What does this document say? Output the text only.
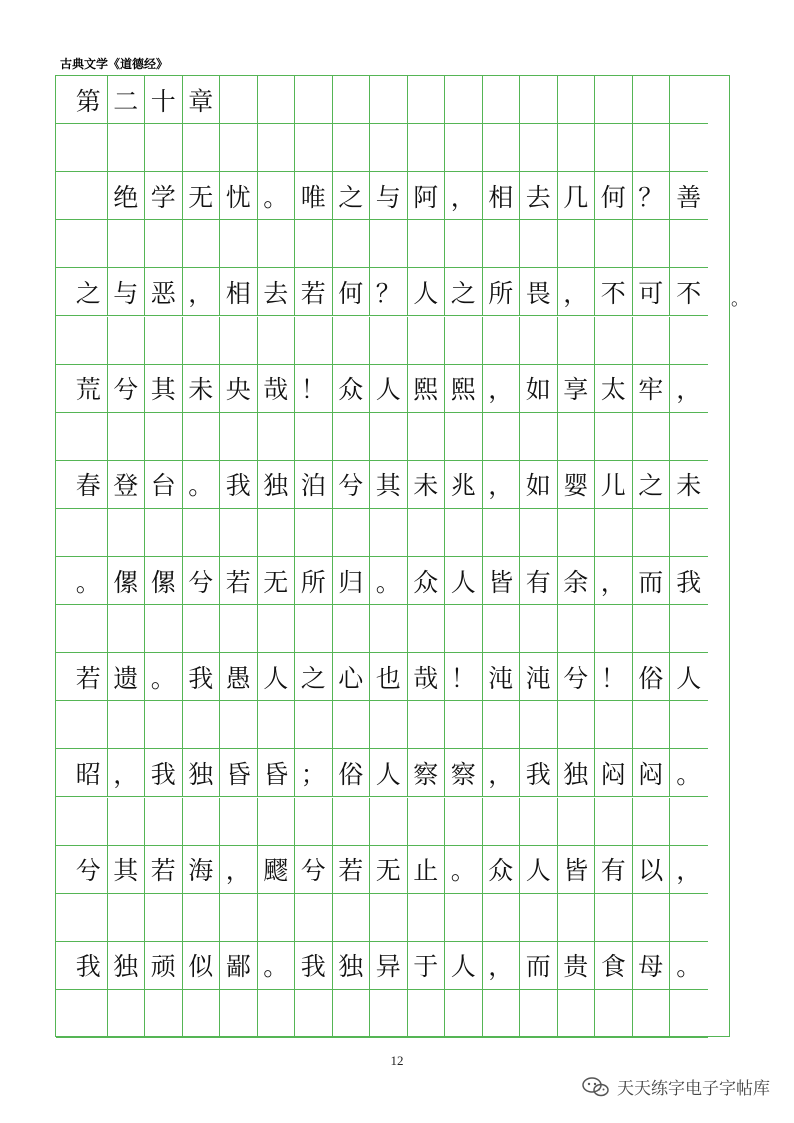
古典文学《道德经》
第 二 十 章
绝 学 无 忧 。 唯 之 与 阿 ， 相 去 几 何 ？ 善
之 与 恶 ， 相 去 若 何 ？ 人 之 所 畏 ， 不 可 不
荒 兮 其 未 央 哉 ！ 众 人 熙 熙 ， 如 享 太 牢 ，
春 登 台 。 我 独 泊 兮 其 未 兆 ， 如 婴 儿 之 未
。 傫 傫 兮 若 无 所 归 。 众 人 皆 有 余 ， 而 我
若 遗 。 我 愚 人 之 心 也 哉 ！ 沌 沌 兮 ！ 俗 人
昭 ， 我 独 昏 昏 ； 俗 人 察 察 ， 我 独 闷 闷 。
兮 其 若 海 ， 飂 兮 若 无 止 。 众 人 皆 有 以 ，
我 独 顽 似 鄙 。 我 独 异 于 人 ， 而 贵 食 母 。
。
12
天天练字电子字帖库
